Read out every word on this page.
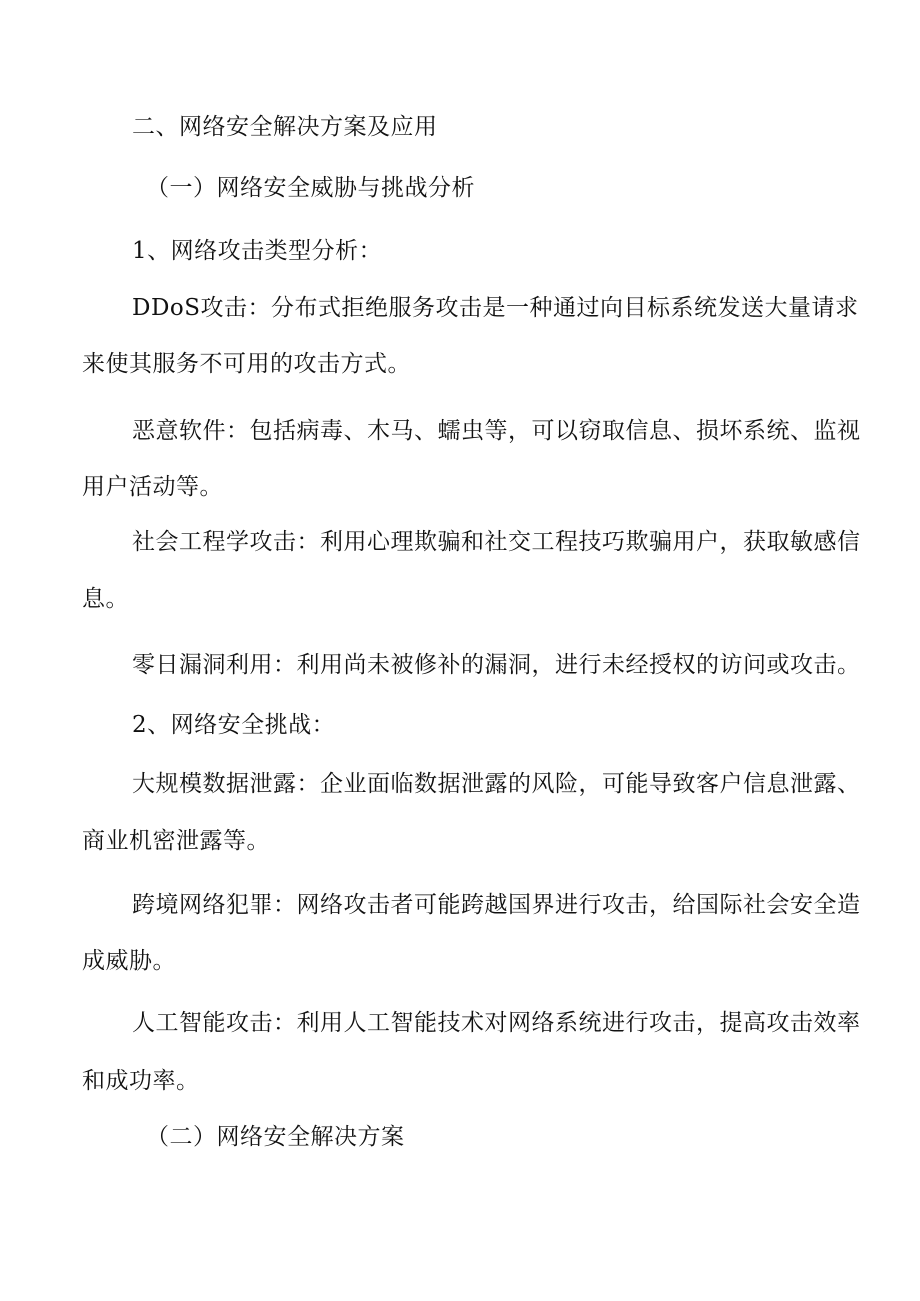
二、网络安全解决方案及应用
（一）网络安全威胁与挑战分析
1、网络攻击类型分析：
DDoS攻击：分布式拒绝服务攻击是一种通过向目标系统发送大量请求
来使其服务不可用的攻击方式。
恶意软件：包括病毒、木马、蠕虫等，可以窃取信息、损坏系统、监视
用户活动等。
社会工程学攻击：利用心理欺骗和社交工程技巧欺骗用户，获取敏感信
息。
零日漏洞利用：利用尚未被修补的漏洞，进行未经授权的访问或攻击。
2、网络安全挑战：
大规模数据泄露：企业面临数据泄露的风险，可能导致客户信息泄露、
商业机密泄露等。
跨境网络犯罪：网络攻击者可能跨越国界进行攻击，给国际社会安全造
成威胁。
人工智能攻击：利用人工智能技术对网络系统进行攻击，提高攻击效率
和成功率。
（二）网络安全解决方案
